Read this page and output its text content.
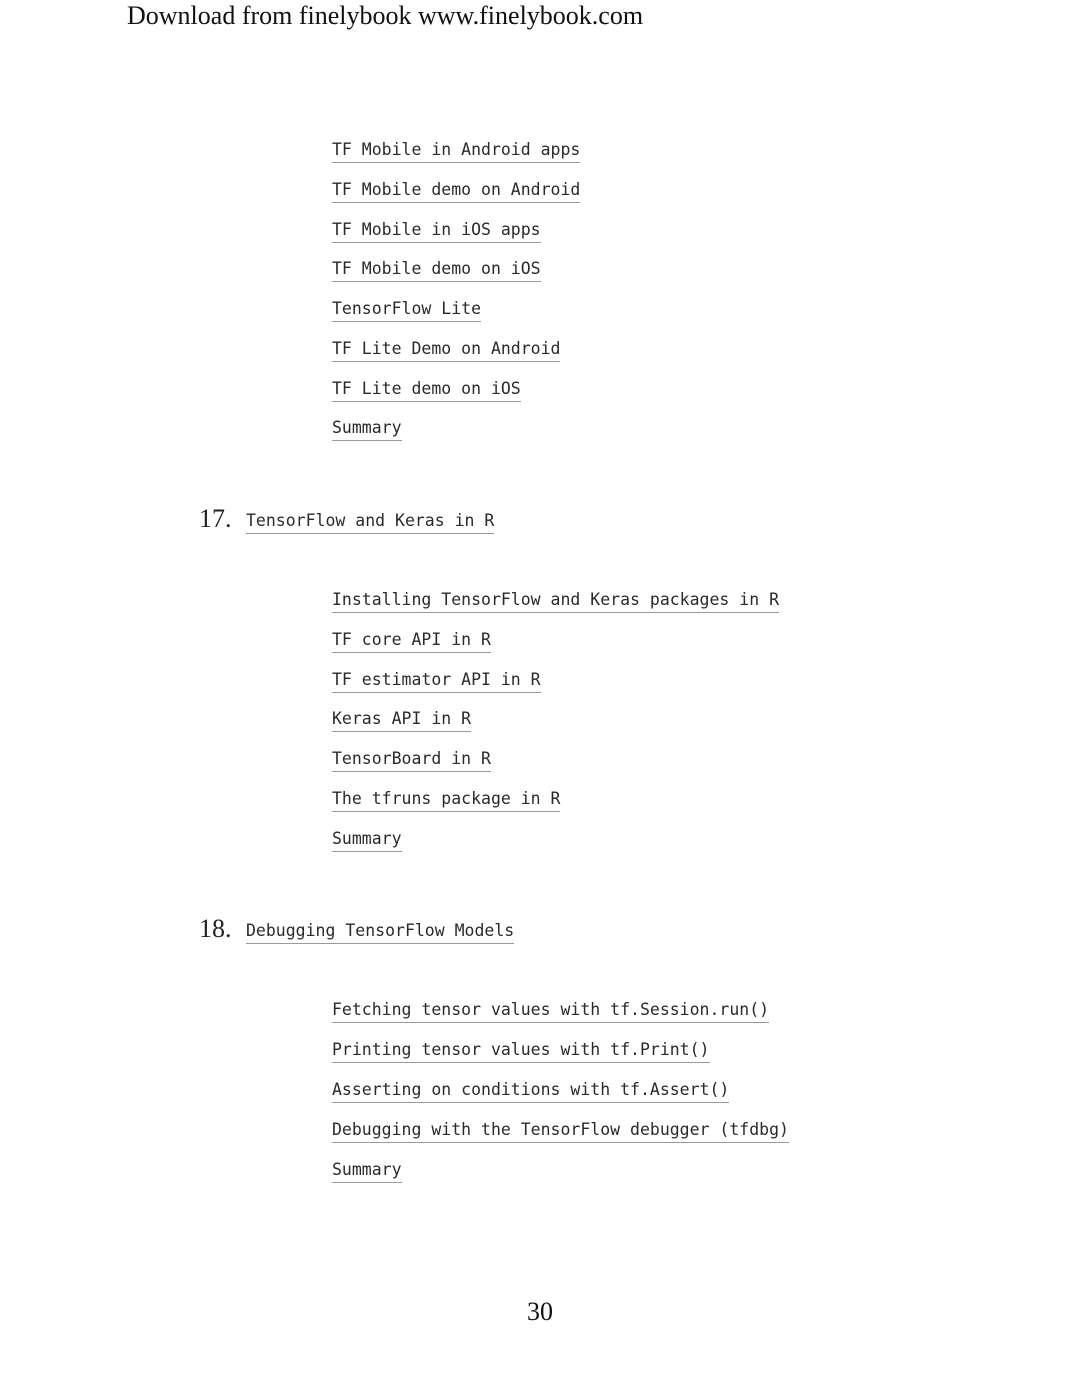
Download from finelybook www.finelybook.com
TF Mobile in Android apps
TF Mobile demo on Android
TF Mobile in iOS apps
TF Mobile demo on iOS
TensorFlow Lite
TF Lite Demo on Android
TF Lite demo on iOS
Summary
17. TensorFlow and Keras in R
Installing TensorFlow and Keras packages in R
TF core API in R
TF estimator API in R
Keras API in R
TensorBoard in R
The tfruns package in R
Summary
18. Debugging TensorFlow Models
Fetching tensor values with tf.Session.run()
Printing tensor values with tf.Print()
Asserting on conditions with tf.Assert()
Debugging with the TensorFlow debugger (tfdbg)
Summary
30
